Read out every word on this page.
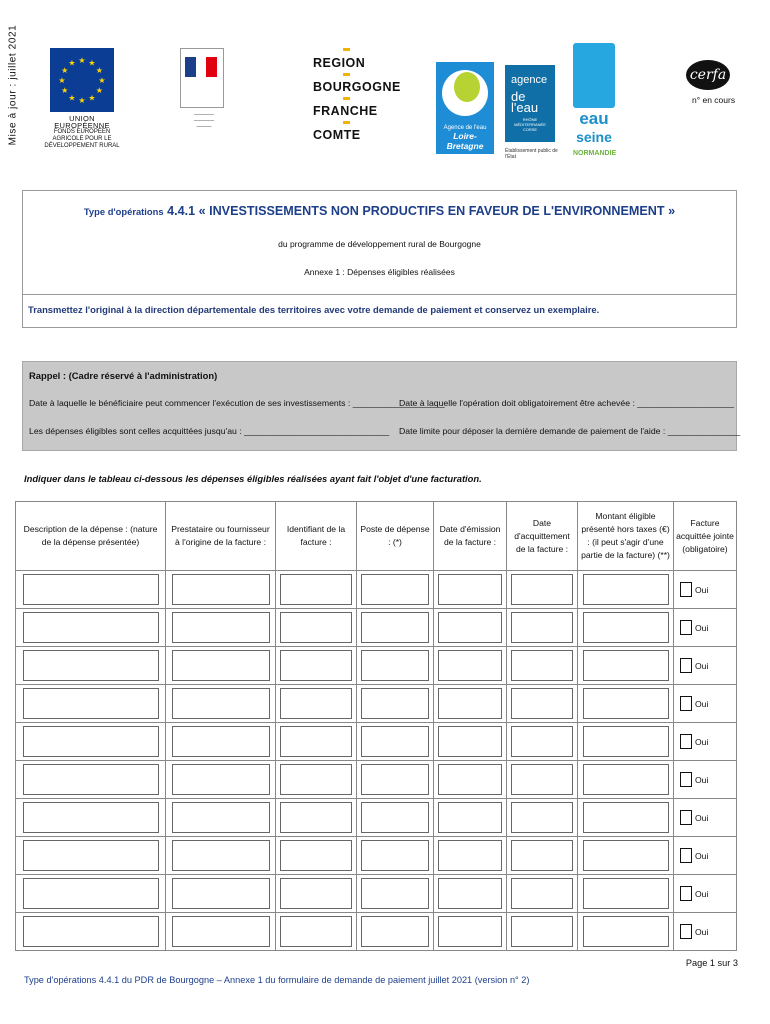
Mise à jour : juillet 2021	★ ★
★
★
★
★
★
★
★
★
★
★
UNION EUROPÉENNE
FONDS EUROPÉEN AGRICOLE POUR LE DÉVELOPPEMENT RURAL
————
————
———
REGION
BOURGOGNE
FRANCHE
COMTE	Agence de l'eau
Loire-Bretagne
agence
de l'eau
RHÔNE MÉDITERRANÉE CORSE
Établissement public de l'État
eau
seine
NORMANDIE
cerfa
n° en cours
Type d'opérations 4.4.1 « INVESTISSEMENTS NON PRODUCTIFS EN FAVEUR DE L'ENVIRONNEMENT »
du programme de développement rural de Bourgogne
Annexe 1 : Dépenses éligibles réalisées
Transmettez l'original à la direction départementale des territoires avec votre demande de paiement et conservez un exemplaire.
Rappel : (Cadre réservé à l'administration)
Date à laquelle le bénéficiaire peut commencer l'exécution de ses investissements : ___________________
Date à laquelle l'opération doit obligatoirement être achevée : ____________________
Les dépenses éligibles sont celles acquittées jusqu'au : ______________________________ Date limite pour déposer la dernière demande de paiement de l'aide : _______________
Indiquer dans le tableau ci-dessous les dépenses éligibles réalisées ayant fait l'objet d'une facturation.
Description de la dépense : (nature de la dépense présentée)	Prestataire ou fournisseur à l'origine de la facture :	Identifiant de la facture :	Poste de dépense : (*)	Date d'émission de la facture :	Date d'acquittement de la facture :	Montant éligible présenté hors taxes (€) : (il peut s'agir d'une partie de la facture) (**)	Facture acquittée jointe (obligatoire)

							Oui

							Oui

							Oui

							Oui

							Oui

							Oui

							Oui

							Oui

							Oui

							Oui
Page 1 sur 3
Type d'opérations 4.4.1 du PDR de Bourgogne – Annexe 1 du formulaire de demande de paiement juillet 2021 (version n° 2)
